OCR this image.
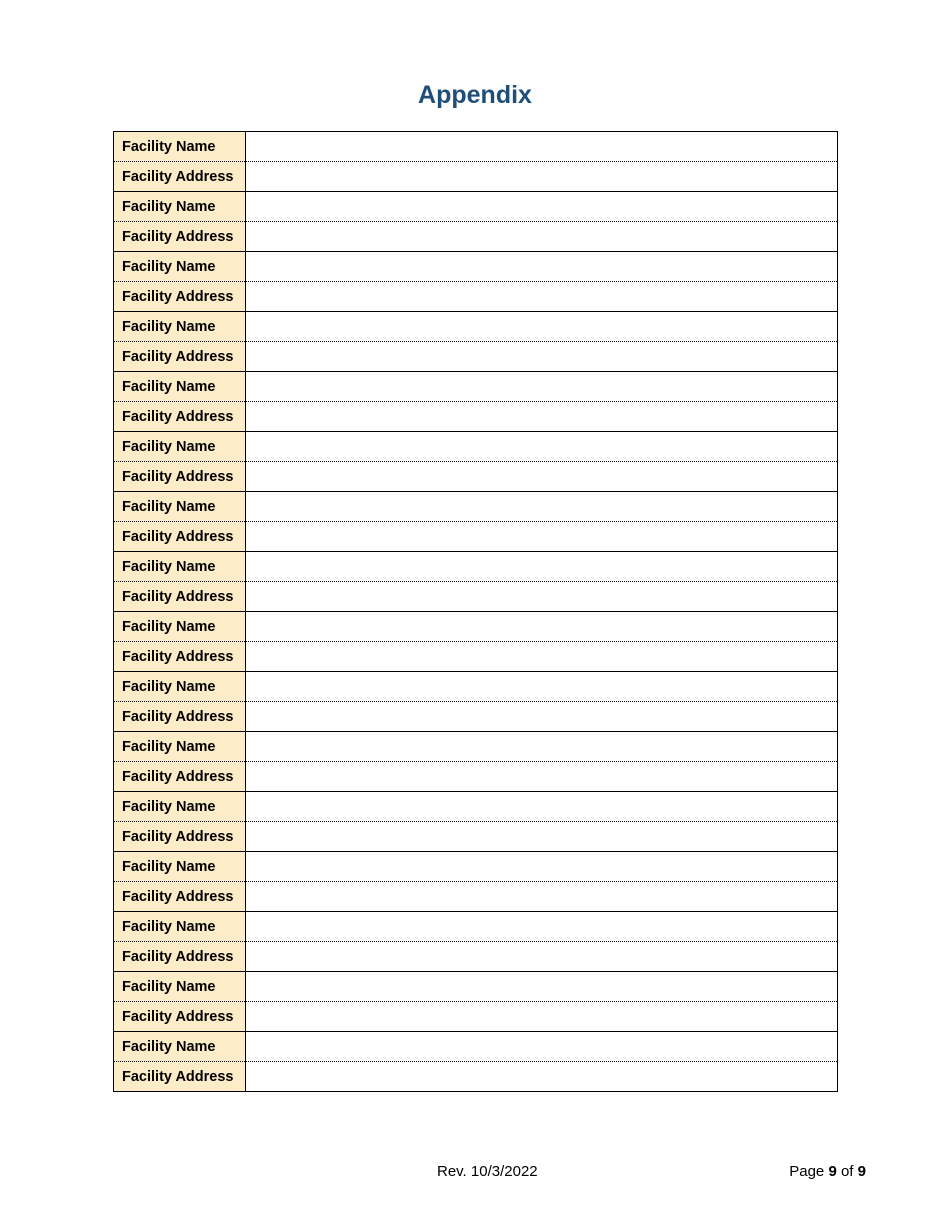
Appendix
Facility Name	

Facility Address	

Facility Name	

Facility Address	

Facility Name	

Facility Address	

Facility Name	

Facility Address	

Facility Name	

Facility Address	

Facility Name	

Facility Address	

Facility Name	

Facility Address	

Facility Name	

Facility Address	

Facility Name	

Facility Address	

Facility Name	

Facility Address	

Facility Name	

Facility Address	

Facility Name	

Facility Address	

Facility Name	

Facility Address	

Facility Name	

Facility Address	

Facility Name	

Facility Address	

Facility Name	

Facility Address	
Rev. 10/3/2022	Page 9 of 9
